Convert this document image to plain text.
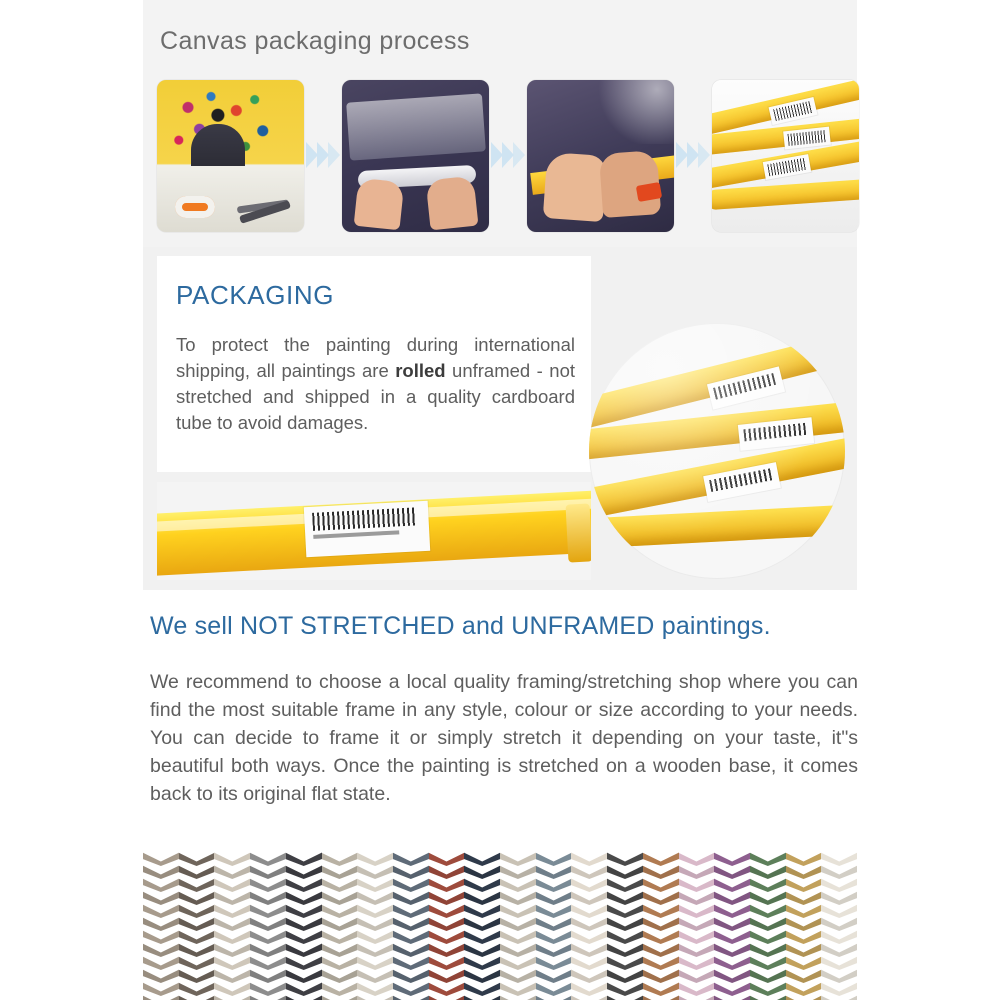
Canvas packaging process
PACKAGING
To protect the painting during international shipping, all paintings are rolled unframed - not stretched and shipped in a quality cardboard tube to avoid damages.
We sell NOT STRETCHED and UNFRAMED paintings.
We recommend to choose a local quality framing/stretching shop where you can find the most suitable frame in any style, colour or size according to your needs. You can decide to frame it or simply stretch it depending on your taste, it"s beautiful both ways. Once the painting is stretched on a wooden base, it comes back to its original flat state.
